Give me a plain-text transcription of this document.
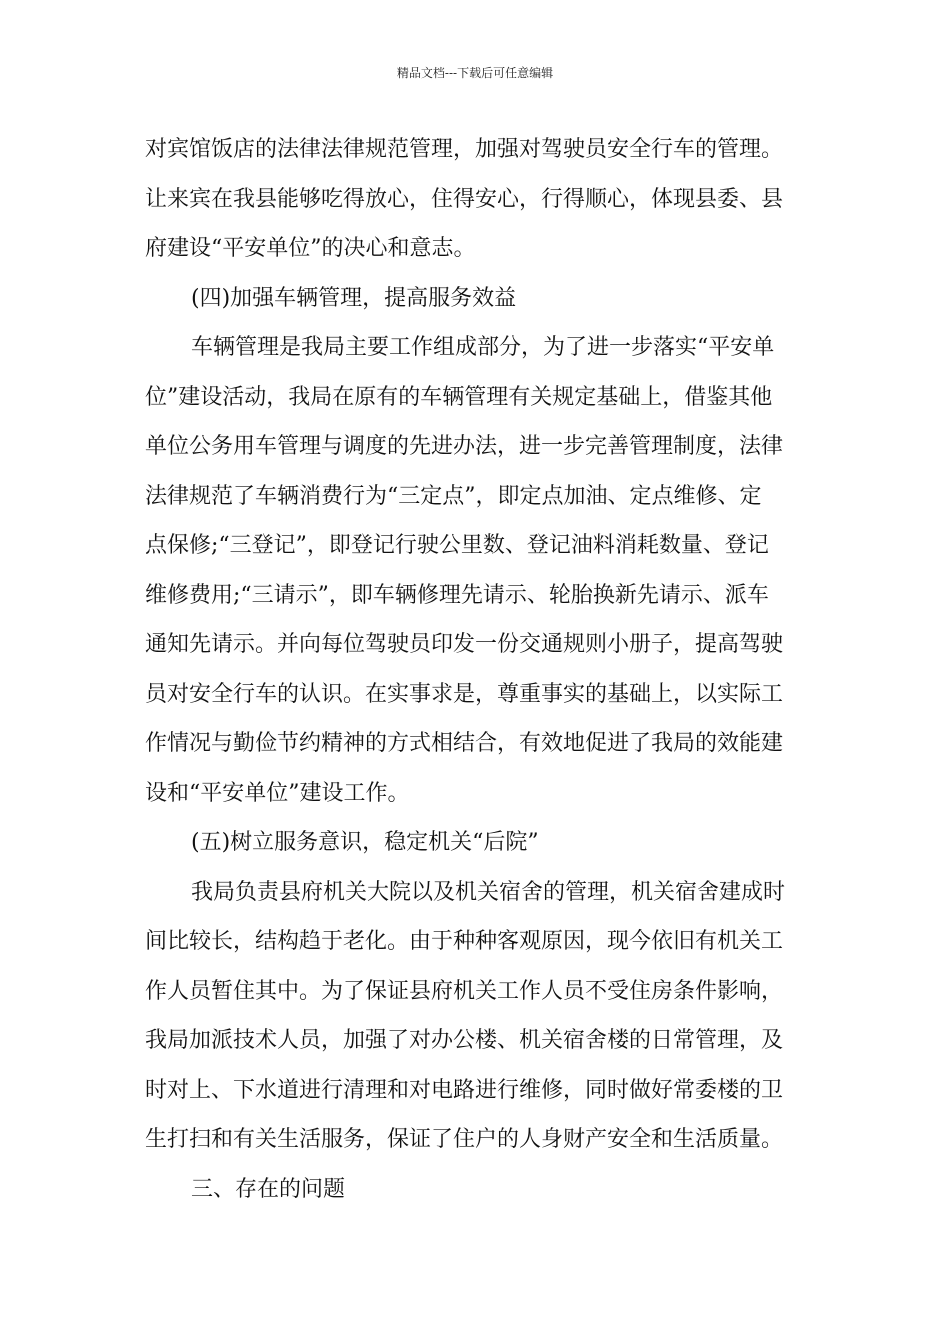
精品文档---下载后可任意编辑
对宾馆饭店的法律法律规范管理，加强对驾驶员安全行车的管理。
让来宾在我县能够吃得放心，住得安心，行得顺心，体现县委、县
府建设“平安单位”的决心和意志。
(四)加强车辆管理，提高服务效益
车辆管理是我局主要工作组成部分，为了进一步落实“平安单
位”建设活动，我局在原有的车辆管理有关规定基础上，借鉴其他
单位公务用车管理与调度的先进办法，进一步完善管理制度，法律
法律规范了车辆消费行为“三定点”，即定点加油、定点维修、定
点保修;“三登记”，即登记行驶公里数、登记油料消耗数量、登记
维修费用;“三请示”，即车辆修理先请示、轮胎换新先请示、派车
通知先请示。并向每位驾驶员印发一份交通规则小册子，提高驾驶
员对安全行车的认识。在实事求是，尊重事实的基础上，以实际工
作情况与勤俭节约精神的方式相结合，有效地促进了我局的效能建
设和“平安单位”建设工作。
(五)树立服务意识，稳定机关“后院”
我局负责县府机关大院以及机关宿舍的管理，机关宿舍建成时
间比较长，结构趋于老化。由于种种客观原因，现今依旧有机关工
作人员暂住其中。为了保证县府机关工作人员不受住房条件影响，
我局加派技术人员，加强了对办公楼、机关宿舍楼的日常管理，及
时对上、下水道进行清理和对电路进行维修，同时做好常委楼的卫
生打扫和有关生活服务，保证了住户的人身财产安全和生活质量。
三、存在的问题
